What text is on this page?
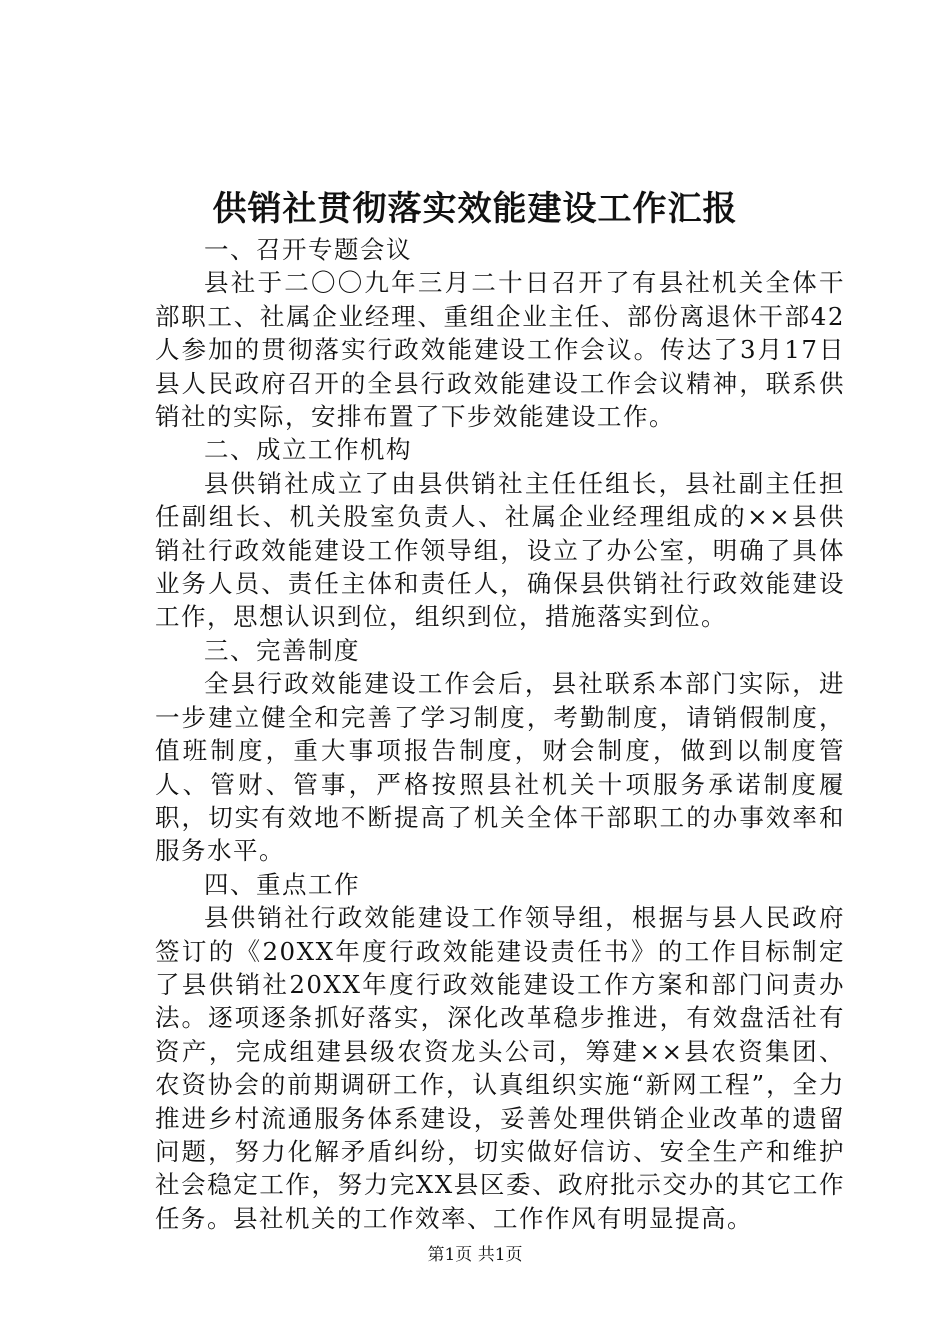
供销社贯彻落实效能建设工作汇报

一、召开专题会议

县社于二〇〇九年三月二十日召开了有县社机关全体干部职工、社属企业经理、重组企业主任、部份离退休干部42人参加的贯彻落实行政效能建设工作会议。传达了3月17日县人民政府召开的全县行政效能建设工作会议精神，联系供销社的实际，安排布置了下步效能建设工作。

二、成立工作机构

县供销社成立了由县供销社主任任组长，县社副主任担任副组长、机关股室负责人、社属企业经理组成的××县供销社行政效能建设工作领导组，设立了办公室，明确了具体业务人员、责任主体和责任人，确保县供销社行政效能建设工作，思想认识到位，组织到位，措施落实到位。

三、完善制度

全县行政效能建设工作会后，县社联系本部门实际，进一步建立健全和完善了学习制度，考勤制度，请销假制度，值班制度，重大事项报告制度，财会制度，做到以制度管人、管财、管事，严格按照县社机关十项服务承诺制度履职，切实有效地不断提高了机关全体干部职工的办事效率和服务水平。

四、重点工作

县供销社行政效能建设工作领导组，根据与县人民政府签订的《20XX年度行政效能建设责任书》的工作目标制定了县供销社20XX年度行政效能建设工作方案和部门问责办法。逐项逐条抓好落实，深化改革稳步推进，有效盘活社有资产，完成组建县级农资龙头公司，筹建××县农资集团、农资协会的前期调研工作，认真组织实施“新网工程”，全力推进乡村流通服务体系建设，妥善处理供销企业改革的遗留问题，努力化解矛盾纠纷，切实做好信访、安全生产和维护社会稳定工作，努力完XX县区委、政府批示交办的其它工作任务。县社机关的工作效率、工作作风有明显提高。

第1页 共1页
